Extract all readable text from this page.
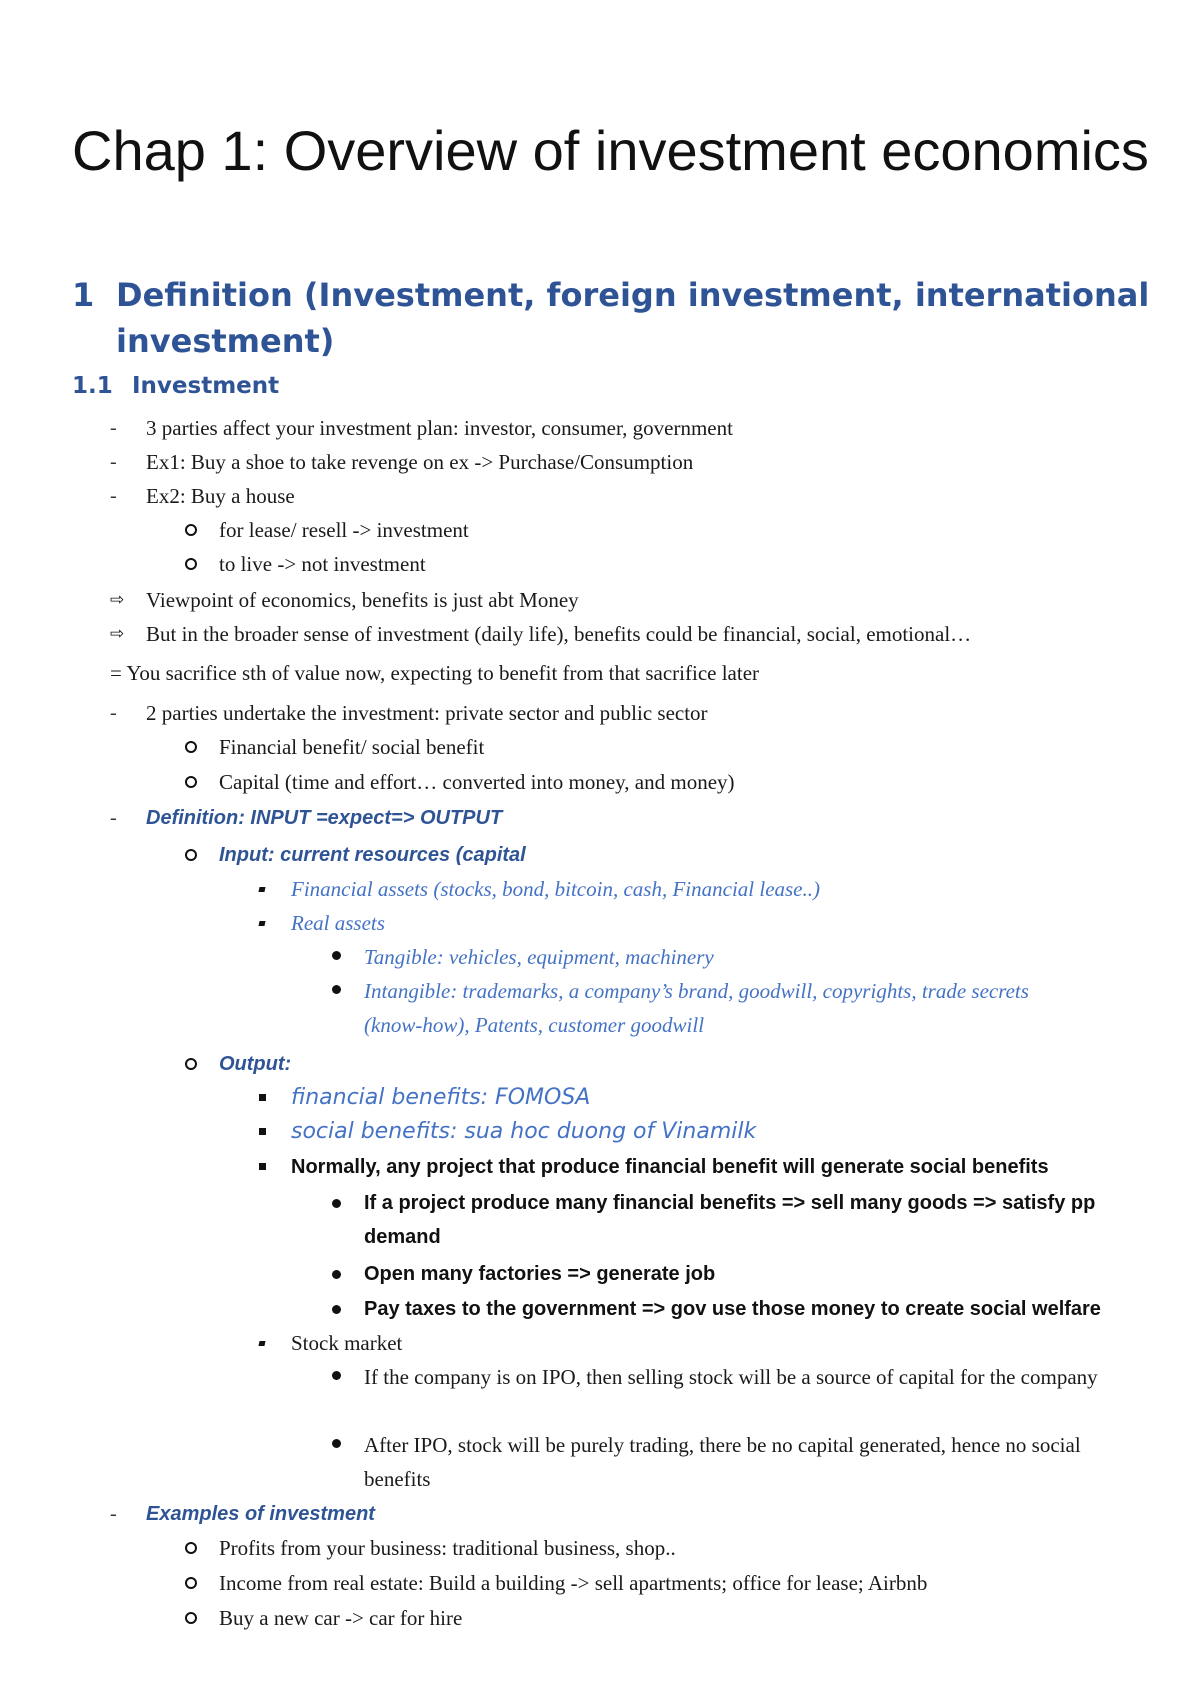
Chap 1: Overview of investment economics
1 Definition (Investment, foreign investment, international investment)
1.1 Investment
- 3 parties affect your investment plan: investor, consumer, government
- Ex1: Buy a shoe to take revenge on ex -> Purchase/Consumption
- Ex2: Buy a house
for lease/ resell -> investment
to live -> not investment
⇨ Viewpoint of economics, benefits is just abt Money
⇨ But in the broader sense of investment (daily life), benefits could be financial, social, emotional…
= You sacrifice sth of value now, expecting to benefit from that sacrifice later
- 2 parties undertake the investment: private sector and public sector
Financial benefit/ social benefit
Capital (time and effort… converted into money, and money)
- Definition: INPUT =expect=> OUTPUT
Input: current resources (capital
Financial assets (stocks, bond, bitcoin, cash, Financial lease..)
Real assets
Tangible: vehicles, equipment, machinery
Intangible: trademarks, a company’s brand, goodwill, copyrights, trade secrets (know-how), Patents, customer goodwill
Output:
financial benefits: FOMOSA
social benefits: sua hoc duong of Vinamilk
Normally, any project that produce financial benefit will generate social benefits
If a project produce many financial benefits => sell many goods => satisfy pp demand
Open many factories => generate job
Pay taxes to the government => gov use those money to create social welfare
Stock market
If the company is on IPO, then selling stock will be a source of capital for the company
After IPO, stock will be purely trading, there be no capital generated, hence no social benefits
- Examples of investment
Profits from your business: traditional business, shop..
Income from real estate: Build a building -> sell apartments; office for lease; Airbnb
Buy a new car -> car for hire
